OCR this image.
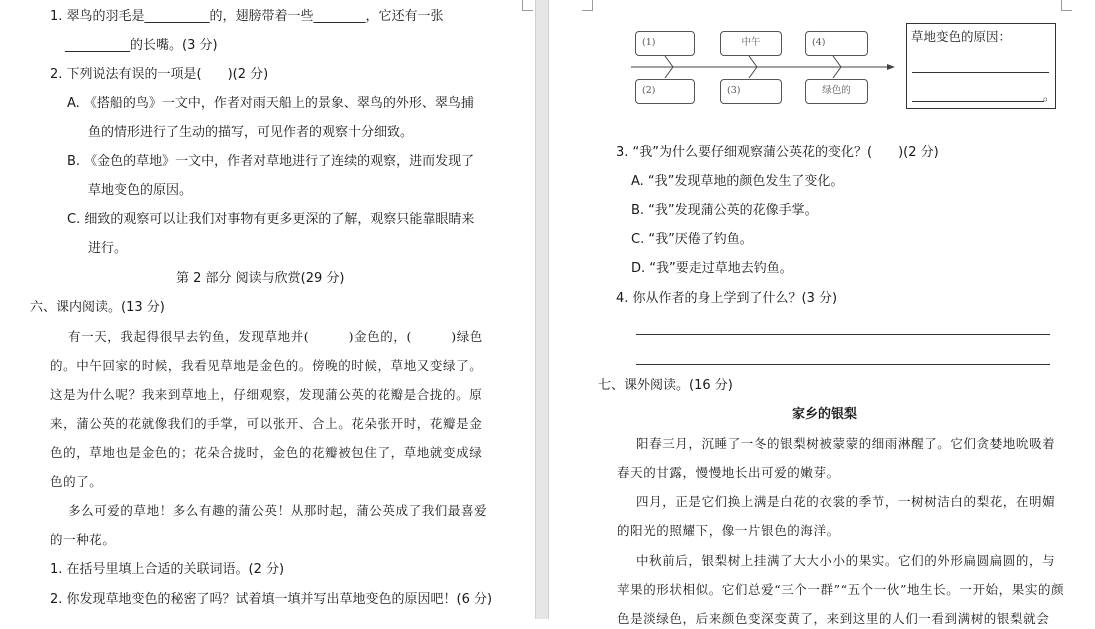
1. 翠鸟的羽毛是__________的，翅膀带着一些________，它还有一张
__________的长嘴。(3 分)
2. 下列说法有误的一项是(　　)(2 分)
A. 《搭船的鸟》一文中，作者对雨天船上的景象、翠鸟的外形、翠鸟捕
鱼的情形进行了生动的描写，可见作者的观察十分细致。
B. 《金色的草地》一文中，作者对草地进行了连续的观察，进而发现了
草地变色的原因。
C. 细致的观察可以让我们对事物有更多更深的了解，观察只能靠眼睛来
进行。
第 2 部分 阅读与欣赏(29 分)
六、课内阅读。(13 分)
有一天，我起得很早去钓鱼，发现草地并(　　　)金色的，(　　　)绿色
的。中午回家的时候，我看见草地是金色的。傍晚的时候，草地又变绿了。
这是为什么呢？我来到草地上，仔细观察，发现蒲公英的花瓣是合拢的。原
来，蒲公英的花就像我们的手掌，可以张开、合上。花朵张开时，花瓣是金
色的，草地也是金色的；花朵合拢时，金色的花瓣被包住了，草地就变成绿
色的了。
多么可爱的草地！多么有趣的蒲公英！从那时起，蒲公英成了我们最喜爱
的一种花。
1. 在括号里填上合适的关联词语。(2 分)
2. 你发现草地变色的秘密了吗？试着填一填并写出草地变色的原因吧！(6 分)
(1)	中午	(4)
(2)	(3)	绿色的
草地变色的原因：
。
3. “我”为什么要仔细观察蒲公英花的变化？(　　)(2 分)
A. “我”发现草地的颜色发生了变化。
B. “我”发现蒲公英的花像手掌。
C. “我”厌倦了钓鱼。
D. “我”要走过草地去钓鱼。
4. 你从作者的身上学到了什么？(3 分)
七、课外阅读。(16 分)
家乡的银梨
阳春三月，沉睡了一冬的银梨树被蒙蒙的细雨淋醒了。它们贪婪地吮吸着
春天的甘露，慢慢地长出可爱的嫩芽。
四月，正是它们换上满是白花的衣裳的季节，一树树洁白的梨花，在明媚
的阳光的照耀下，像一片银色的海洋。
中秋前后，银梨树上挂满了大大小小的果实。它们的外形扁圆扁圆的，与
苹果的形状相似。它们总爱“三个一群”“五个一伙”地生长。一开始，果实的颜
色是淡绿色，后来颜色变深变黄了，来到这里的人们一看到满树的银梨就会
